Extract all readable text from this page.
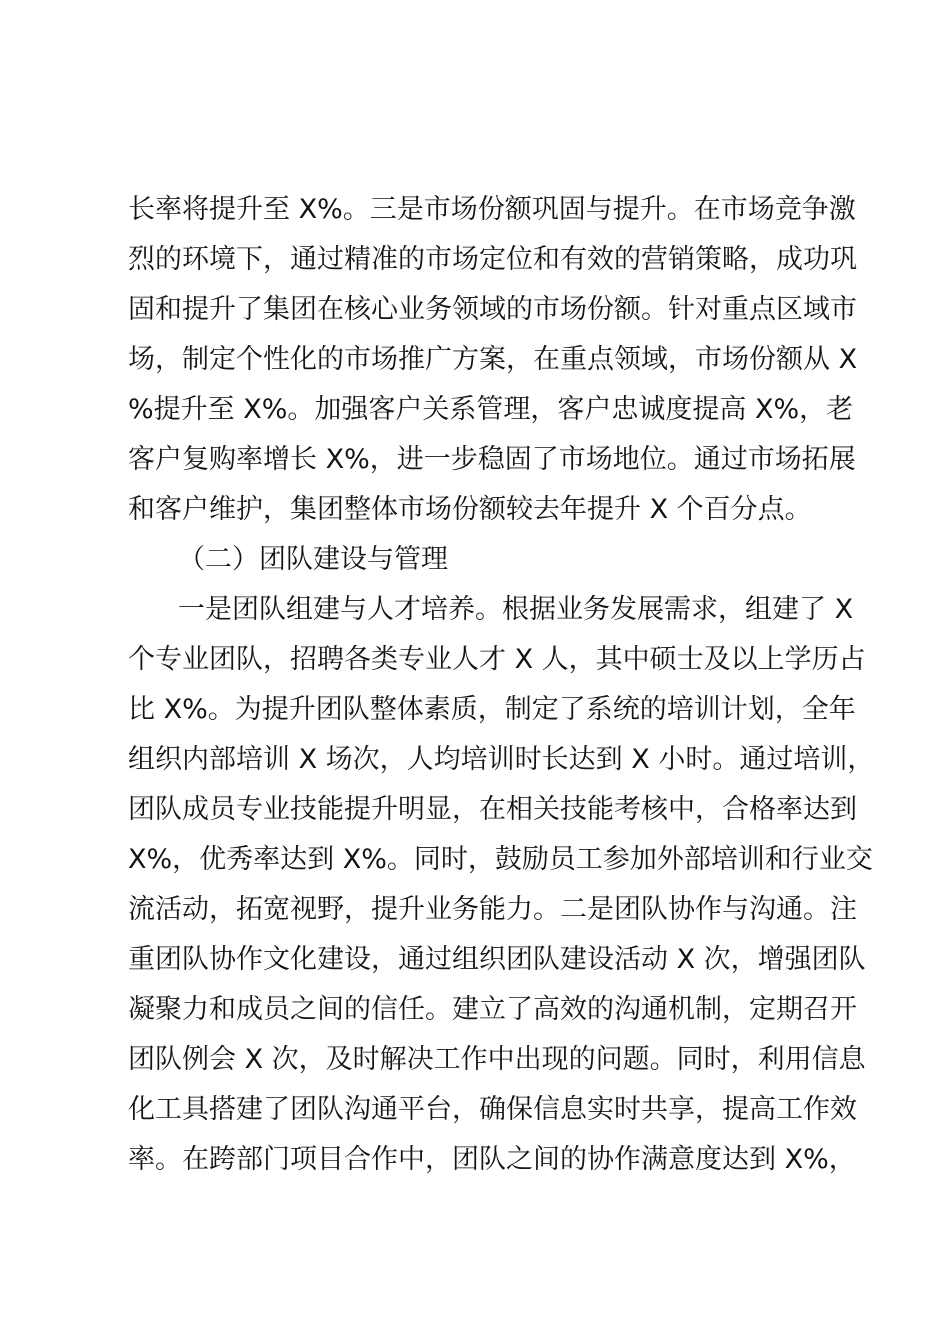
长率将提升至 X%。三是市场份额巩固与提升。在市场竞争激
烈的环境下，通过精准的市场定位和有效的营销策略，成功巩
固和提升了集团在核心业务领域的市场份额。针对重点区域市
场，制定个性化的市场推广方案，在重点领域，市场份额从 X
%提升至 X%。加强客户关系管理，客户忠诚度提高 X%，老
客户复购率增长 X%，进一步稳固了市场地位。通过市场拓展
和客户维护，集团整体市场份额较去年提升 X 个百分点。
（二）团队建设与管理
一是团队组建与人才培养。根据业务发展需求，组建了 X
个专业团队，招聘各类专业人才 X 人，其中硕士及以上学历占
比 X%。为提升团队整体素质，制定了系统的培训计划，全年
组织内部培训 X 场次，人均培训时长达到 X 小时。通过培训，
团队成员专业技能提升明显，在相关技能考核中，合格率达到
X%，优秀率达到 X%。同时，鼓励员工参加外部培训和行业交
流活动，拓宽视野，提升业务能力。二是团队协作与沟通。注
重团队协作文化建设，通过组织团队建设活动 X 次，增强团队
凝聚力和成员之间的信任。建立了高效的沟通机制，定期召开
团队例会 X 次，及时解决工作中出现的问题。同时，利用信息
化工具搭建了团队沟通平台，确保信息实时共享，提高工作效
率。在跨部门项目合作中，团队之间的协作满意度达到 X%，
